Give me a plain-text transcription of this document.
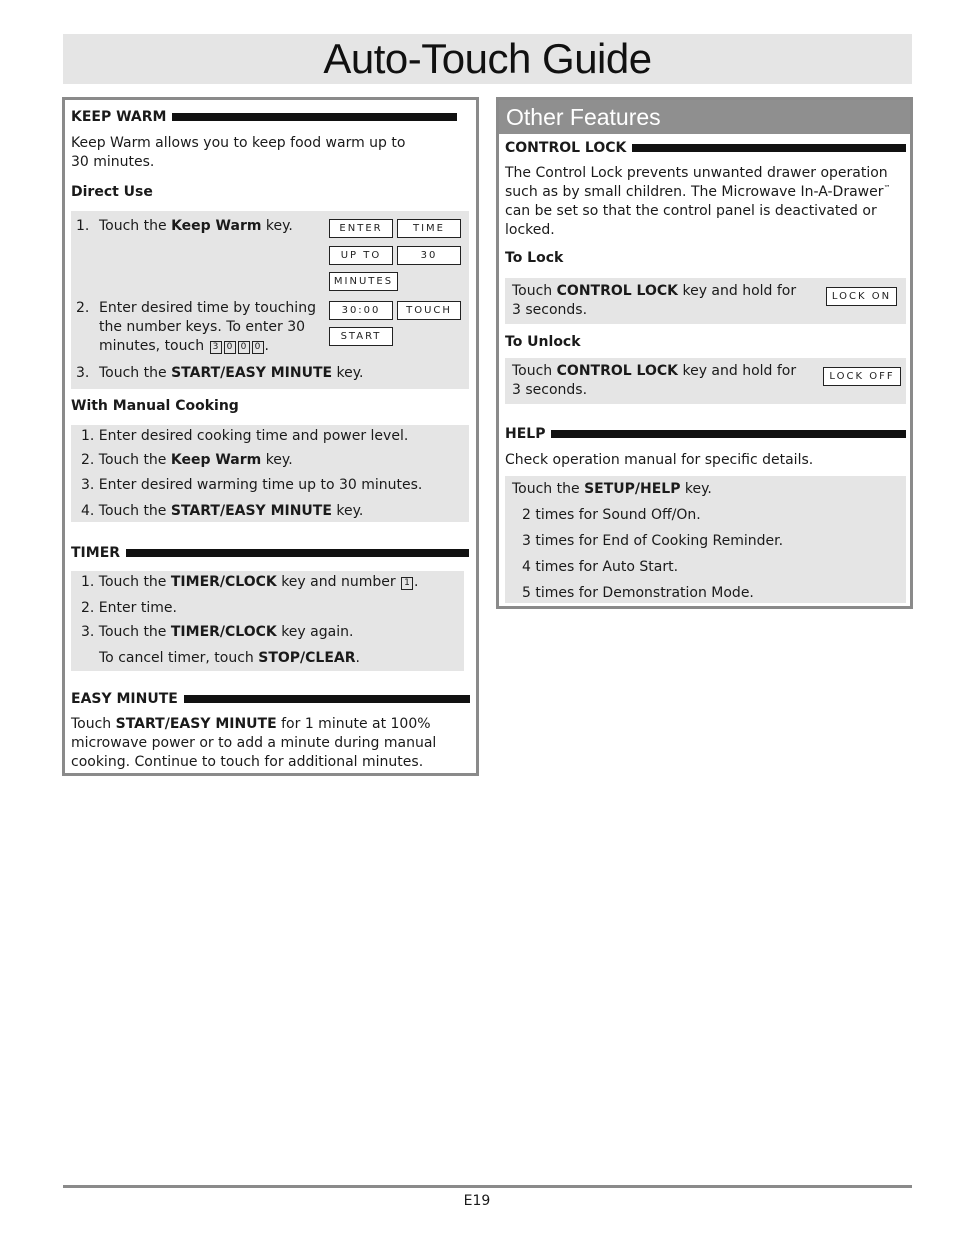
Auto-Touch Guide
KEEP WARM
Keep Warm allows you to keep food warm up to
30 minutes.
Direct Use
1. Touch the Keep Warm key.
2. Enter desired time by touching
the number keys. To enter 30
minutes, touch 3 0 0 0 .
3. Touch the START/EASY MINUTE key.
ENTER	TIME
UP TO	30
MINUTES
30:00	TOUCH
START
With Manual Cooking
1. Enter desired cooking time and power level.
2. Touch the Keep Warm key.
3. Enter desired warming time up to 30 minutes.
4. Touch the START/EASY MINUTE key.
TIMER
1. Touch the TIMER/CLOCK key and number 1 .
2. Enter time.
3. Touch the TIMER/CLOCK key again.
To cancel timer, touch STOP/CLEAR.
EASY MINUTE
Touch START/EASY MINUTE for 1 minute at 100%
microwave power or to add a minute during manual
cooking. Continue to touch for additional minutes.
Other Features
CONTROL LOCK
The Control Lock prevents unwanted drawer operation
such as by small children. The Microwave In-A-Drawer™
can be set so that the control panel is deactivated or
locked.
To Lock
Touch CONTROL LOCK key and hold for
3 seconds.
LOCK ON
To Unlock
Touch CONTROL LOCK key and hold for
3 seconds.
LOCK OFF
HELP
Check operation manual for specific details.
Touch the SETUP/HELP key.
2 times for Sound Off/On.
3 times for End of Cooking Reminder.
4 times for Auto Start.
5 times for Demonstration Mode.
E19
